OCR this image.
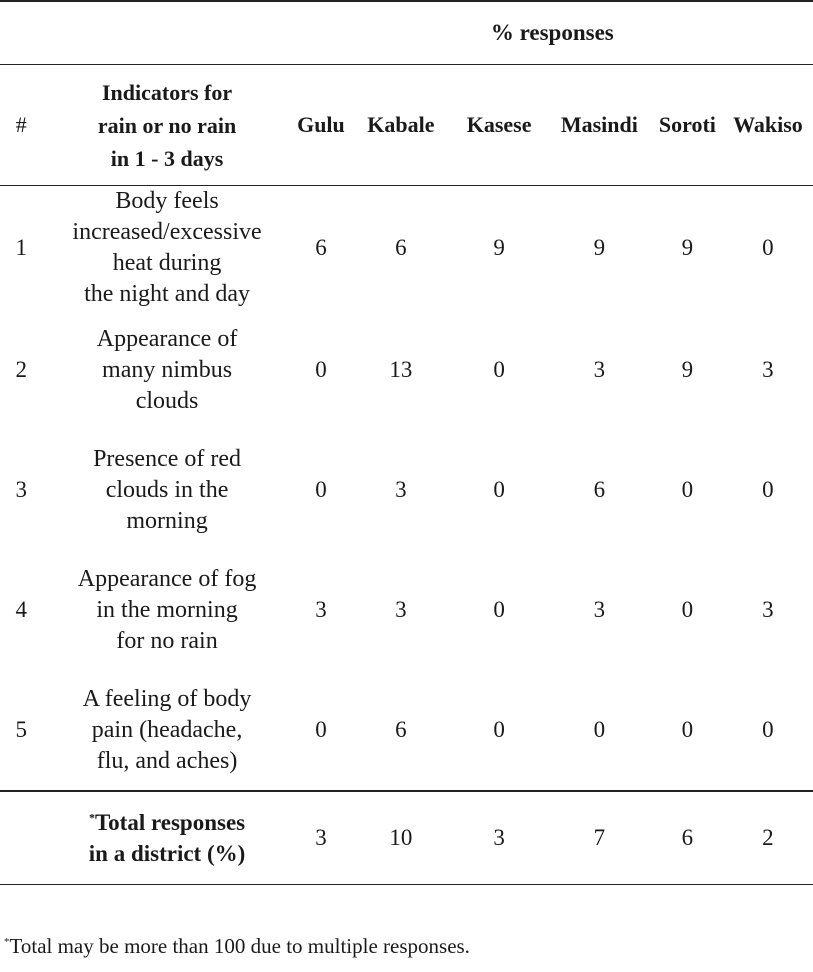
		% responses					
#	Indicators for
rain or no rain
in 1 - 3 days	Gulu	Kabale	Kasese	Masindi	Soroti	Wakiso
1	Body feels
increased/excessive
heat during
the night and day	6	6	9	9	9	0
2	Appearance of
many nimbus
clouds	0	13	0	3	9	3
3	Presence of red
clouds in the
morning	0	3	0	6	0	0
4	Appearance of fog
in the morning
for no rain	3	3	0	3	0	3
5	A feeling of body
pain (headache,
flu, and aches)	0	6	0	0	0	0
	*Total responses
in a district (%)	3	10	3	7	6	2
*Total may be more than 100 due to multiple responses.
